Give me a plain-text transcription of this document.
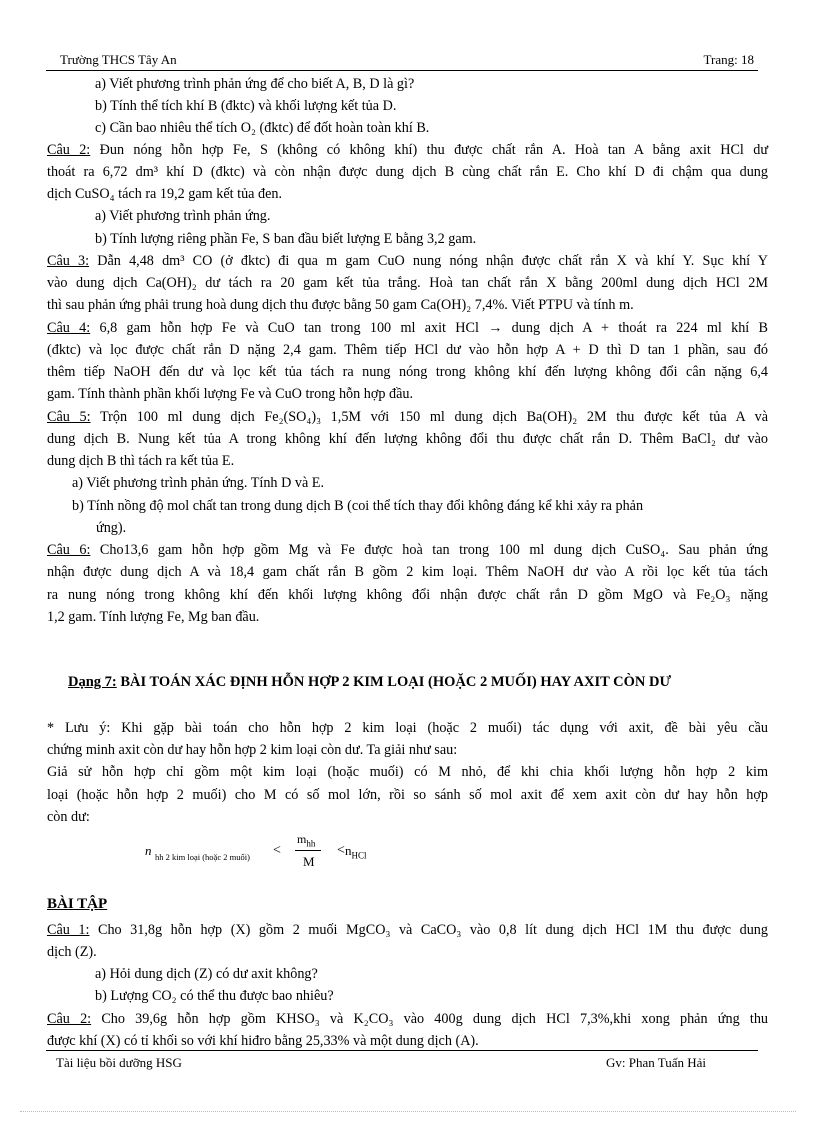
Trường THCS Tây An	Trang: 18
a) Viết phương trình phản ứng để cho biết A, B, D là gì?
b) Tính thể tích khí B (đktc) và khối lượng kết tủa D.
c) Cần bao nhiêu thể tích O₂ (đktc) để đốt hoàn toàn khí B.
Câu 2: Đun nóng hỗn hợp Fe, S (không có không khí) thu được chất rắn A. Hoà tan A bằng axit HCl dư
thoát ra 6,72 dm³ khí D (đktc) và còn nhận được dung dịch B cùng chất rắn E. Cho khí D đi chậm qua dung
dịch CuSO₄ tách ra 19,2 gam kết tủa đen.
a) Viết phương trình phản ứng.
b) Tính lượng riêng phần Fe, S ban đầu biết lượng E bằng 3,2 gam.
Câu 3: Dẫn 4,48 dm³ CO (ở đktc) đi qua m gam CuO nung nóng nhận được chất rắn X và khí Y. Sục khí Y
vào dung dịch Ca(OH)₂ dư tách ra 20 gam kết tủa trắng. Hoà tan chất rắn X bằng 200ml dung dịch HCl 2M
thì sau phản ứng phải trung hoà dung dịch thu được bằng 50 gam Ca(OH)₂ 7,4%. Viết PTPU và tính m.
Câu 4: 6,8 gam hỗn hợp Fe và CuO tan trong 100 ml axit HCl → dung dịch A + thoát ra 224 ml khí B
(đktc) và lọc được chất rắn D nặng 2,4 gam. Thêm tiếp HCl dư vào hỗn hợp A + D thì D tan 1 phần, sau đó
thêm tiếp NaOH đến dư và lọc kết tủa tách ra nung nóng trong không khí đến lượng không đổi cân nặng 6,4
gam. Tính thành phần khối lượng Fe và CuO trong hỗn hợp đầu.
Câu 5: Trộn 100 ml dung dịch Fe₂(SO₄)₃ 1,5M với 150 ml dung dịch Ba(OH)₂ 2M thu được kết tủa A và
dung dịch B. Nung kết tủa A trong không khí đến lượng không đổi thu được chất rắn D. Thêm BaCl₂ dư vào
dung dịch B thì tách ra kết tủa E.
a) Viết phương trình phản ứng. Tính D và E.
b) Tính nồng độ mol chất tan trong dung dịch B (coi thể tích thay đổi không đáng kể khi xảy ra phản
ứng).
Câu 6: Cho13,6 gam hỗn hợp gồm Mg và Fe được hoà tan trong 100 ml dung dịch CuSO₄. Sau phản ứng
nhận được dung dịch A và 18,4 gam chất rắn B gồm 2 kim loại. Thêm NaOH dư vào A rồi lọc kết tủa tách
ra nung nóng trong không khí đến khối lượng không đổi nhận được chất rắn D gồm MgO và Fe₂O₃ nặng
1,2 gam. Tính lượng Fe, Mg ban đầu.
* Lưu ý: Khi gặp bài toán cho hỗn hợp 2 kim loại (hoặc 2 muối) tác dụng với axit, đề bài yêu cầu
chứng minh axit còn dư hay hỗn hợp 2 kim loại còn dư. Ta giải như sau:
Giả sử hỗn hợp chỉ gồm một kim loại (hoặc muối) có M nhỏ, để khi chia khối lượng hỗn hợp 2 kim
loại (hoặc hỗn hợp 2 muối) cho M có số mol lớn, rồi so sánh số mol axit để xem axit còn dư hay hỗn hợp
còn dư:
Câu 1: Cho 31,8g hỗn hợp (X) gồm 2 muối MgCO₃ và CaCO₃ vào 0,8 lít dung dịch HCl 1M thu được dung
dịch (Z).
a) Hỏi dung dịch (Z) có dư axit không?
b) Lượng CO₂ có thể thu được bao nhiêu?
Câu 2: Cho 39,6g hỗn hợp gồm KHSO₃ và K₂CO₃ vào 400g dung dịch HCl 7,3%,khi xong phản ứng thu
được khí (X) có tỉ khối so với khí hiđro bằng 25,33% và một dung dịch (A).
Dạng 7: BÀI TOÁN XÁC ĐỊNH HỖN HỢP 2 KIM LOẠI (HOẶC 2 MUỐI) HAY AXIT CÒN DƯ
n hh 2 kim loại (hoặc 2 muối) <
$m_{hh}$
M
< $n_{HCl}$
BÀI TẬP
Tài liệu bồi dưỡng HSG	Gv: Phan Tuấn Hải
